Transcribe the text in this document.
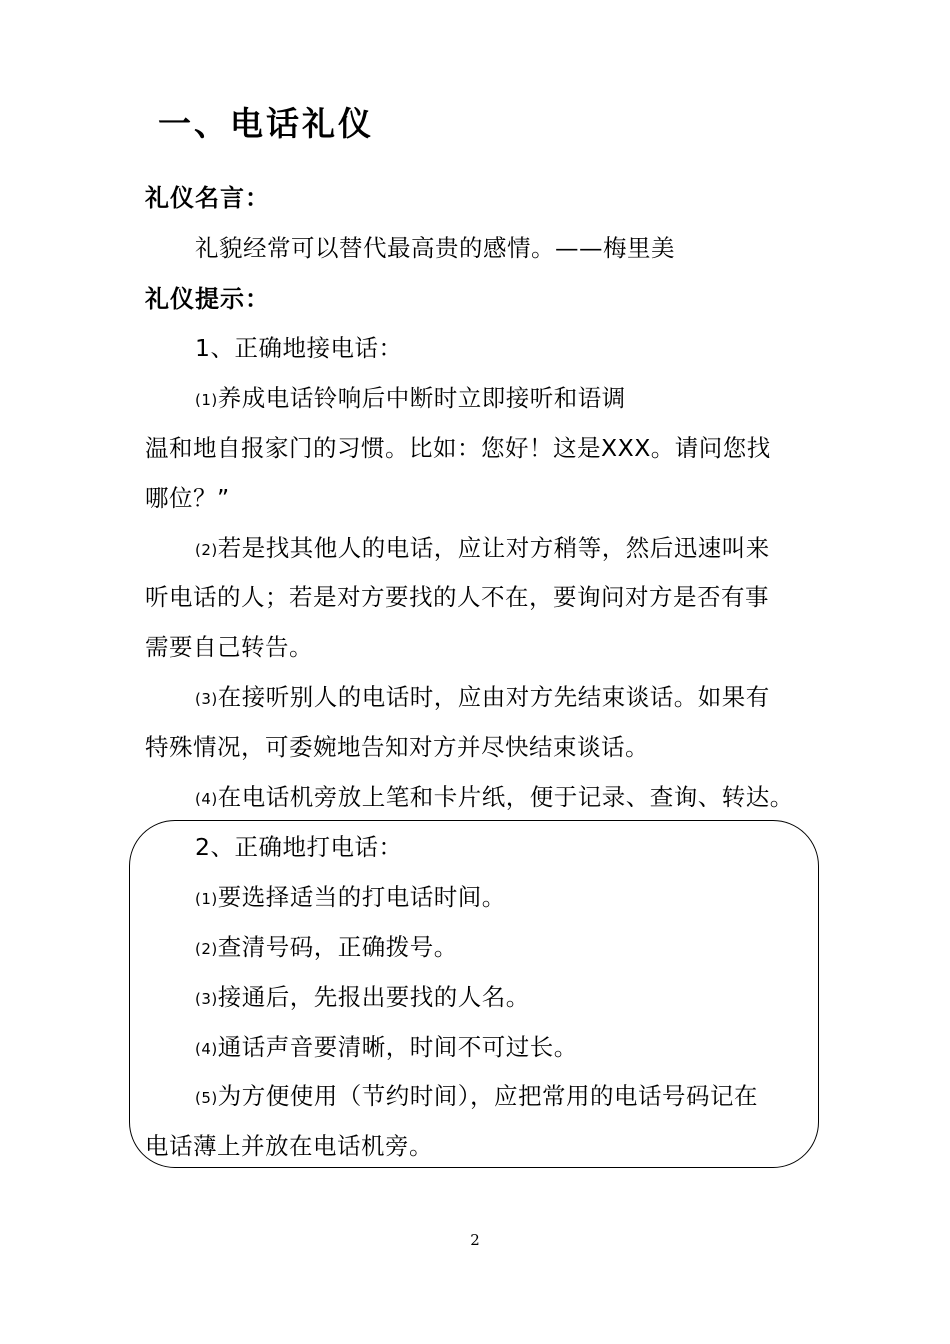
一、电话礼仪
礼仪名言：
礼貌经常可以替代最高贵的感情。——梅里美
礼仪提示：
1、正确地接电话：
(1)养成电话铃响后中断时立即接听和语调
温和地自报家门的习惯。比如：您好！这是XXX。请问您找
哪位？”
(2)若是找其他人的电话，应让对方稍等，然后迅速叫来
听电话的人；若是对方要找的人不在，要询问对方是否有事
需要自己转告。
(3)在接听别人的电话时，应由对方先结束谈话。如果有
特殊情况，可委婉地告知对方并尽快结束谈话。
(4)在电话机旁放上笔和卡片纸，便于记录、查询、转达。
2、正确地打电话：
(1)要选择适当的打电话时间。
(2)查清号码，正确拨号。
(3)接通后，先报出要找的人名。
(4)通话声音要清晰，时间不可过长。
(5)为方便使用（节约时间），应把常用的电话号码记在
电话薄上并放在电话机旁。
2
